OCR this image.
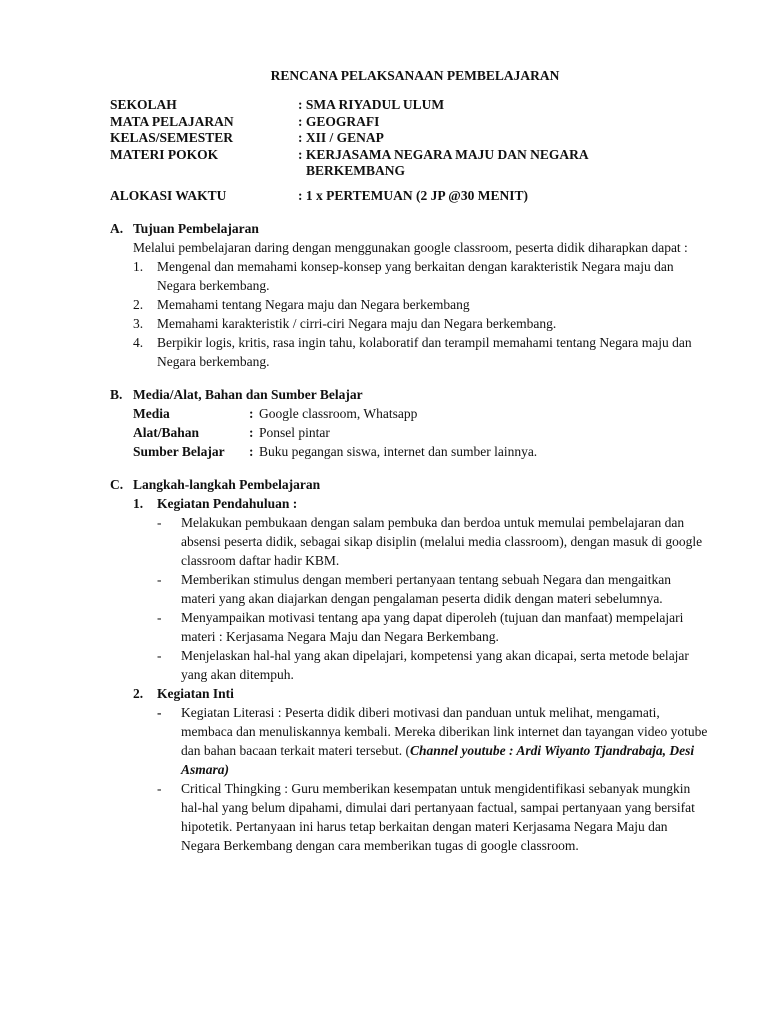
RENCANA PELAKSANAAN PEMBELAJARAN
SEKOLAH	: SMA RIYADUL ULUM
MATA PELAJARAN	: GEOGRAFI
KELAS/SEMESTER	: XII / GENAP
MATERI POKOK	: KERJASAMA NEGARA MAJU DAN NEGARA
BERKEMBANG

ALOKASI WAKTU	: 1 x PERTEMUAN (2 JP @30 MENIT)
A. Tujuan Pembelajaran
Melalui pembelajaran daring dengan menggunakan google classroom, peserta didik diharapkan dapat :
1.	Mengenal dan memahami konsep-konsep yang berkaitan dengan karakteristik Negara maju dan Negara berkembang.
2.	Memahami tentang Negara maju dan Negara berkembang
3.	Memahami karakteristik / cirri-ciri Negara maju dan Negara berkembang.
4.	Berpikir logis, kritis, rasa ingin tahu, kolaboratif dan terampil memahami tentang Negara maju dan Negara berkembang.
B. Media/Alat, Bahan dan Sumber Belajar
Media	: Google classroom, Whatsapp
Alat/Bahan	: Ponsel pintar
Sumber Belajar	: Buku pegangan siswa, internet dan sumber lainnya.
C. Langkah-langkah Pembelajaran
1.	Kegiatan Pendahuluan :
-	Melakukan pembukaan dengan salam pembuka dan berdoa untuk memulai pembelajaran dan absensi peserta didik, sebagai sikap disiplin (melalui media classroom), dengan masuk di google classroom daftar hadir KBM.
-	Memberikan stimulus dengan memberi pertanyaan tentang sebuah Negara dan mengaitkan materi yang akan diajarkan dengan pengalaman peserta didik dengan materi sebelumnya.
-	Menyampaikan motivasi tentang apa yang dapat diperoleh (tujuan dan manfaat) mempelajari materi : Kerjasama Negara Maju dan Negara Berkembang.
-	Menjelaskan hal-hal yang akan dipelajari, kompetensi yang akan dicapai, serta metode belajar yang akan ditempuh.
2.	Kegiatan Inti
-	Kegiatan Literasi : Peserta didik diberi motivasi dan panduan untuk melihat, mengamati, membaca dan menuliskannya kembali. Mereka diberikan link internet dan tayangan video yotube dan bahan bacaan terkait materi tersebut. (Channel youtube : Ardi Wiyanto Tjandrabaja, Desi Asmara)
-	Critical Thingking : Guru memberikan kesempatan untuk mengidentifikasi sebanyak mungkin hal-hal yang belum dipahami, dimulai dari pertanyaan factual, sampai pertanyaan yang bersifat hipotetik. Pertanyaan ini harus tetap berkaitan dengan materi Kerjasama Negara Maju dan Negara Berkembang dengan cara memberikan tugas di google classroom.
